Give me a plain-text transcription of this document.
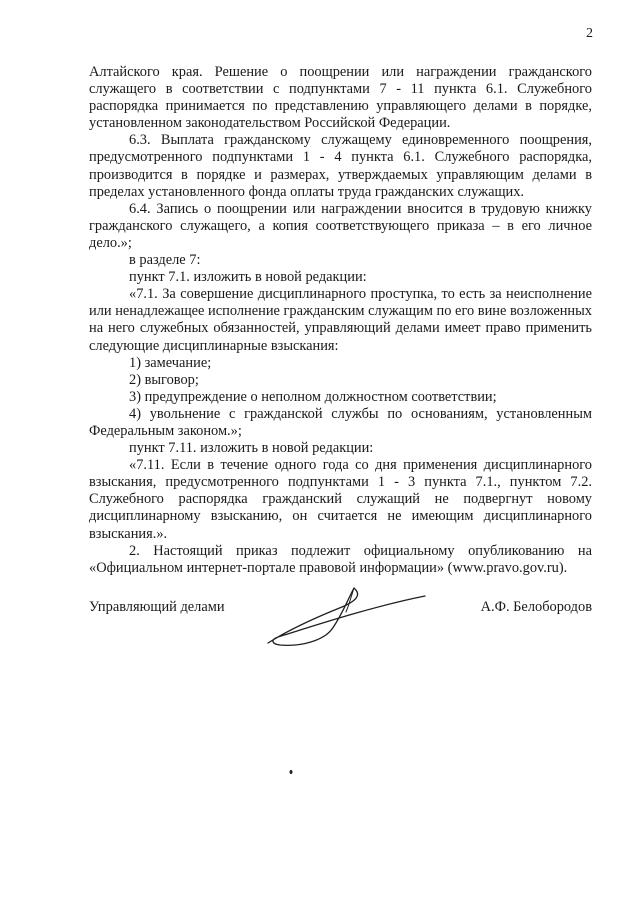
2

Алтайского края. Решение о поощрении или награждении гражданского служащего в соответствии с подпунктами 7 - 11 пункта 6.1. Служебного распорядка принимается по представлению управляющего делами в порядке, установленном законодательством Российской Федерации.

6.3. Выплата гражданскому служащему единовременного поощрения, предусмотренного подпунктами 1 - 4 пункта 6.1. Служебного распорядка, производится в порядке и размерах, утверждаемых управляющим делами в пределах установленного фонда оплаты труда гражданских служащих.

6.4. Запись о поощрении или награждении вносится в трудовую книжку гражданского служащего, а копия соответствующего приказа – в его личное дело.»;

в разделе 7:

пункт 7.1. изложить в новой редакции:

«7.1. За совершение дисциплинарного проступка, то есть за неисполнение или ненадлежащее исполнение гражданским служащим по его вине возложенных на него служебных обязанностей, управляющий делами имеет право применить следующие дисциплинарные взыскания:

1) замечание;

2) выговор;

3) предупреждение о неполном должностном соответствии;

4) увольнение с гражданской службы по основаниям, установленным Федеральным законом.»;

пункт 7.11. изложить в новой редакции:

«7.11. Если в течение одного года со дня применения дисциплинарного взыскания, предусмотренного подпунктами 1 - 3 пункта 7.1., пунктом 7.2. Служебного распорядка гражданский служащий не подвергнут новому дисциплинарному взысканию, он считается не имеющим дисциплинарного взыскания.».

2. Настоящий приказ подлежит официальному опубликованию на «Официальном интернет-портале правовой информации» (www.pravo.gov.ru).

Управляющий делами	А.Ф. Белобородов
